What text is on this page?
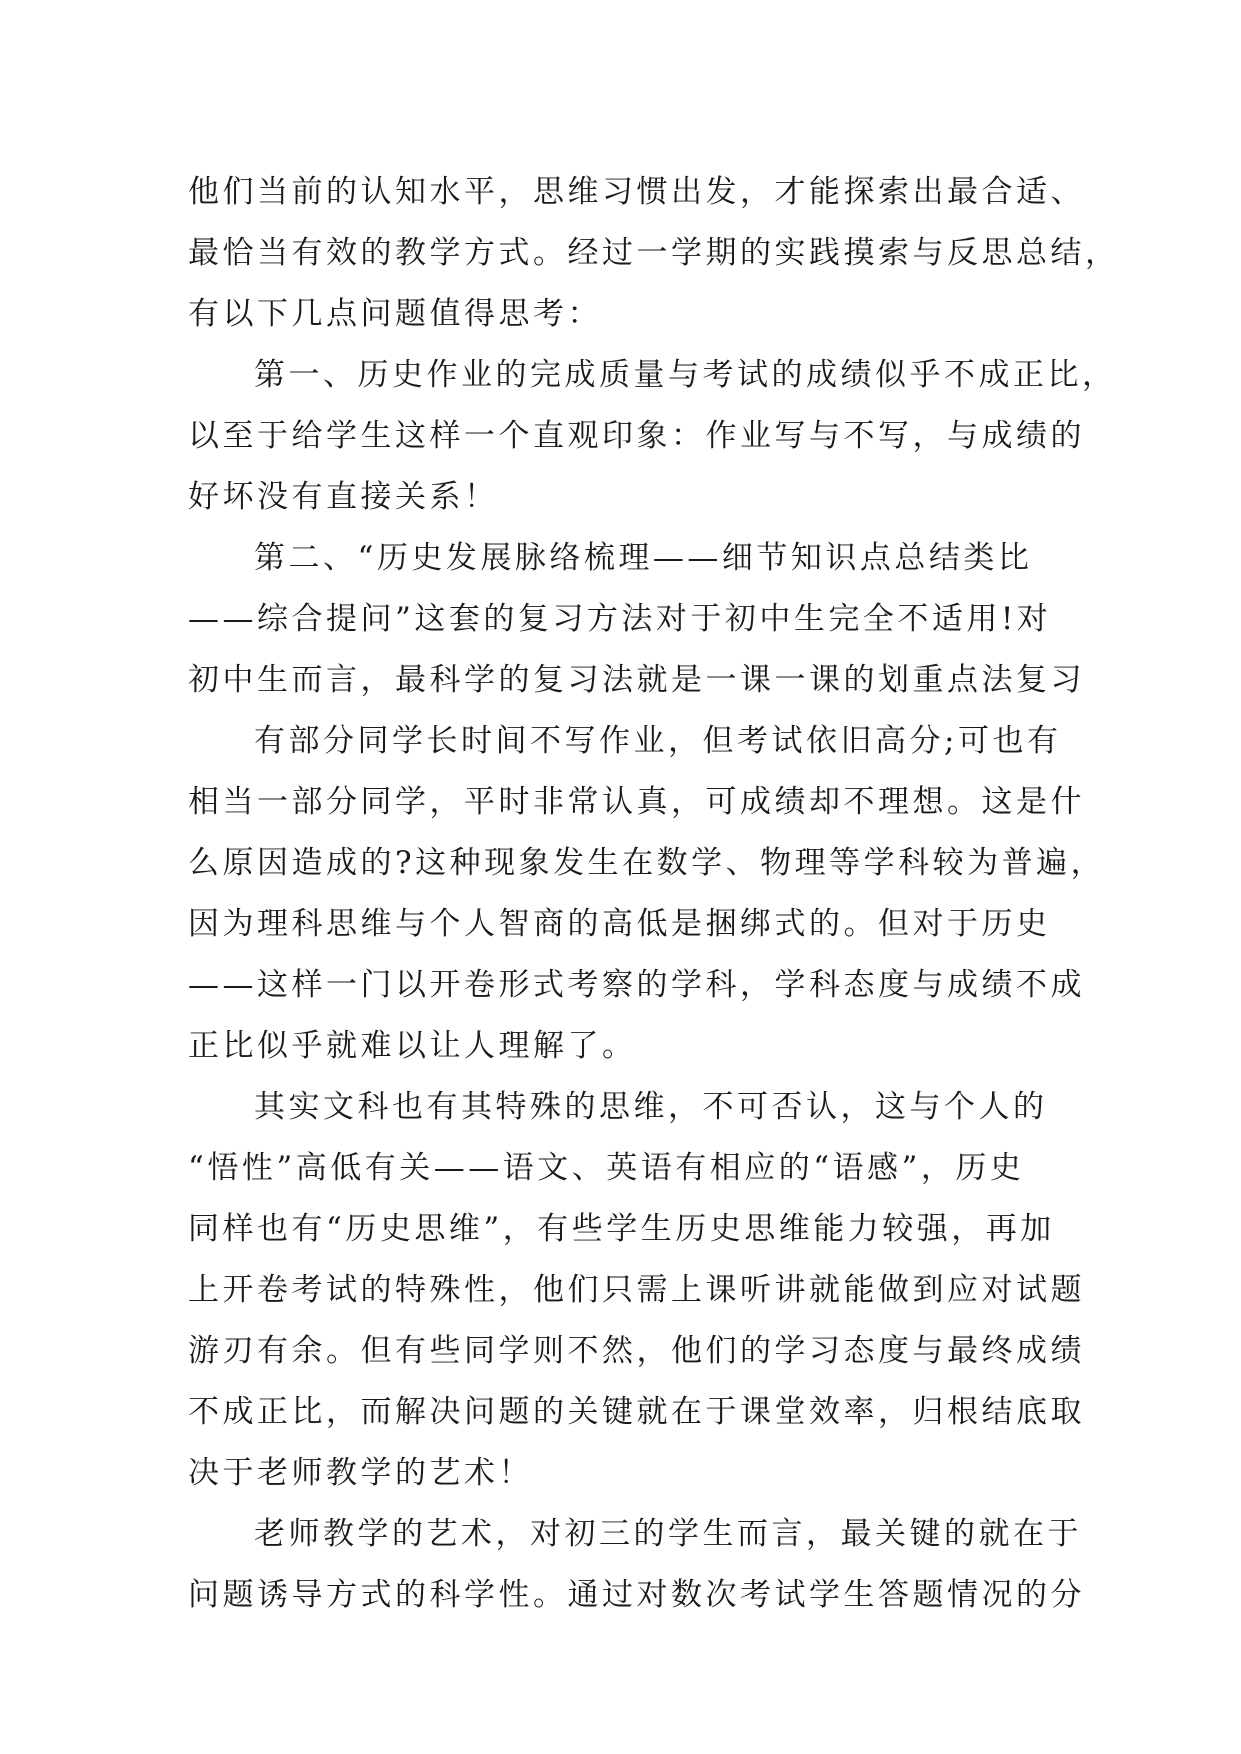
他们当前的认知水平，思维习惯出发，才能探索出最合适、
最恰当有效的教学方式。经过一学期的实践摸索与反思总结，
有以下几点问题值得思考：
第一、历史作业的完成质量与考试的成绩似乎不成正比，
以至于给学生这样一个直观印象：作业写与不写，与成绩的
好坏没有直接关系！
第二、“历史发展脉络梳理——细节知识点总结类比
——综合提问”这套的复习方法对于初中生完全不适用!对
初中生而言，最科学的复习法就是一课一课的划重点法复习
有部分同学长时间不写作业，但考试依旧高分;可也有
相当一部分同学，平时非常认真，可成绩却不理想。这是什
么原因造成的?这种现象发生在数学、物理等学科较为普遍，
因为理科思维与个人智商的高低是捆绑式的。但对于历史
——这样一门以开卷形式考察的学科，学科态度与成绩不成
正比似乎就难以让人理解了。
其实文科也有其特殊的思维，不可否认，这与个人的
“悟性”高低有关——语文、英语有相应的“语感”，历史
同样也有“历史思维”，有些学生历史思维能力较强，再加
上开卷考试的特殊性，他们只需上课听讲就能做到应对试题
游刃有余。但有些同学则不然，他们的学习态度与最终成绩
不成正比，而解决问题的关键就在于课堂效率，归根结底取
决于老师教学的艺术！
老师教学的艺术，对初三的学生而言，最关键的就在于
问题诱导方式的科学性。通过对数次考试学生答题情况的分
